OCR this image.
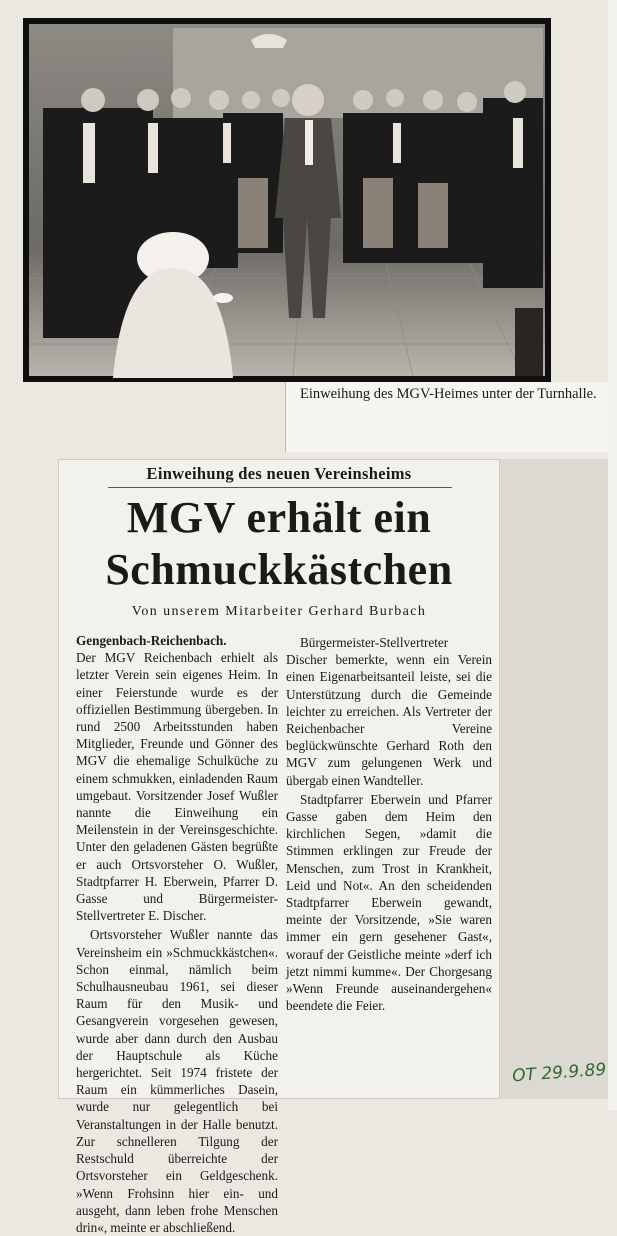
Einweihung des MGV-Heimes unter der Turnhalle.
Einweihung des neuen Vereinsheims
MGV erhält ein
Schmuckkästchen
Von unserem Mitarbeiter Gerhard Burbach

Gengenbach-Reichenbach.

Der MGV Reichenbach erhielt als letzter Verein sein eigenes Heim. In einer Feierstunde wurde es der offiziellen Bestimmung übergeben. In rund 2500 Arbeitsstunden haben Mitglieder, Freunde und Gönner des MGV die ehemalige Schulküche zu einem schmukken, einladenden Raum umgebaut. Vorsitzender Josef Wußler nannte die Einweihung ein Meilenstein in der Vereinsgeschichte. Unter den geladenen Gästen begrüßte er auch Ortsvorsteher O. Wußler, Stadtpfarrer H. Eberwein, Pfarrer D. Gasse und Bürgermeister-Stellvertreter E. Discher.

Ortsvorsteher Wußler nannte das Vereinsheim ein »Schmuckkästchen«. Schon einmal, nämlich beim Schulhausneubau 1961, sei dieser Raum für den Musik- und Gesangverein vorgesehen gewesen, wurde aber dann durch den Ausbau der Hauptschule als Küche hergerichtet. Seit 1974 fristete der Raum ein kümmerliches Dasein, wurde nur gelegentlich bei Veranstaltungen in der Halle benutzt. Zur schnelleren Tilgung der Restschuld überreichte der Ortsvorsteher ein Geldgeschenk. »Wenn Frohsinn hier ein- und ausgeht, dann leben frohe Menschen drin«, meinte er abschließend.

Bürgermeister-Stellvertreter Discher bemerkte, wenn ein Verein einen Eigenarbeitsanteil leiste, sei die Unterstützung durch die Gemeinde leichter zu erreichen. Als Vertreter der Reichenbacher Vereine beglückwünschte Gerhard Roth den MGV zum gelungenen Werk und übergab einen Wandteller.

Stadtpfarrer Eberwein und Pfarrer Gasse gaben dem Heim den kirchlichen Segen, »damit die Stimmen erklingen zur Freude der Menschen, zum Trost in Krankheit, Leid und Not«. An den scheidenden Stadtpfarrer Eberwein gewandt, meinte der Vorsitzende, »Sie waren immer ein gern gesehener Gast«, worauf der Geistliche meinte »derf ich jetzt nimmi kumme«. Der Chorgesang »Wenn Freunde auseinandergehen« beendete die Feier.

OT 29.9.89
